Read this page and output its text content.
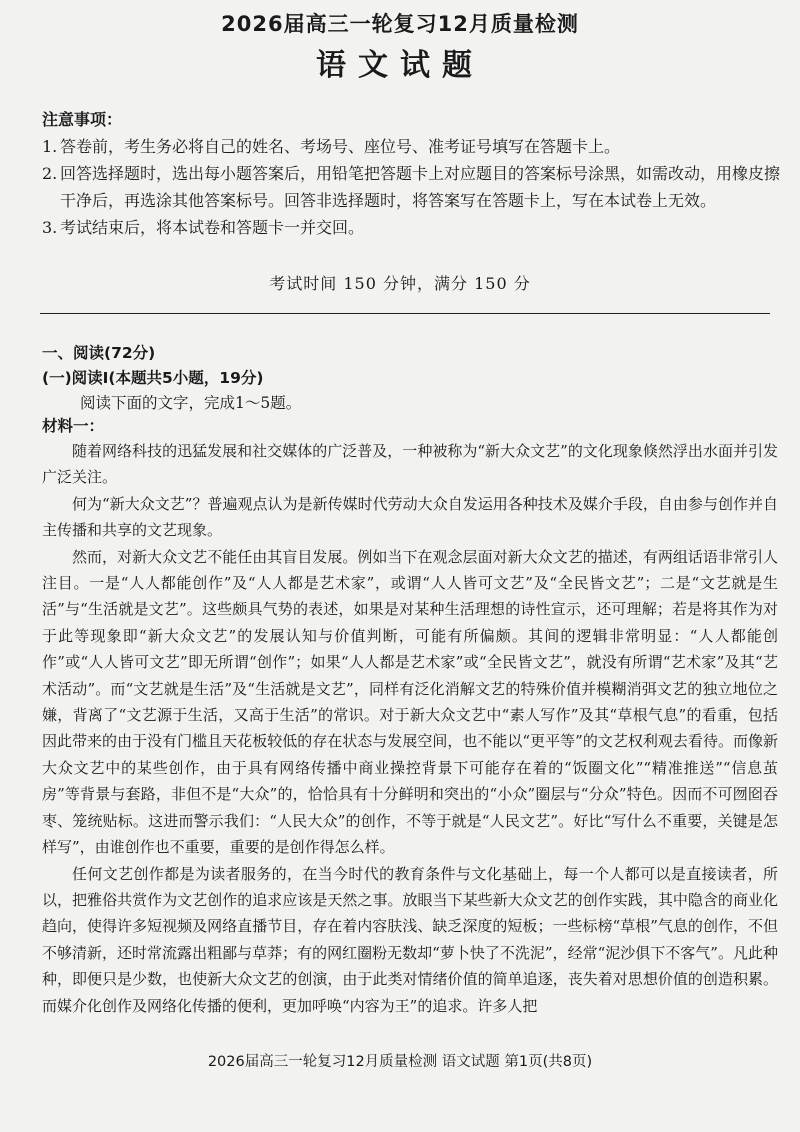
2026届高三一轮复习12月质量检测
语文试题
注意事项：
1. 答卷前，考生务必将自己的姓名、考场号、座位号、准考证号填写在答题卡上。
2. 回答选择题时，选出每小题答案后，用铅笔把答题卡上对应题目的答案标号涂黑，如需改动，用橡皮擦干净后，再选涂其他答案标号。回答非选择题时，将答案写在答题卡上，写在本试卷上无效。
3. 考试结束后，将本试卷和答题卡一并交回。
考试时间 150 分钟，满分 150 分
一、阅读(72分)
(一)阅读Ⅰ(本题共5小题，19分)
阅读下面的文字，完成1～5题。
材料一：

随着网络科技的迅猛发展和社交媒体的广泛普及，一种被称为“新大众文艺”的文化现象倏然浮出水面并引发广泛关注。

何为“新大众文艺”？普遍观点认为是新传媒时代劳动大众自发运用各种技术及媒介手段，自由参与创作并自主传播和共享的文艺现象。

然而，对新大众文艺不能任由其盲目发展。例如当下在观念层面对新大众文艺的描述，有两组话语非常引人注目。一是“人人都能创作”及“人人都是艺术家”，或谓“人人皆可文艺”及“全民皆文艺”；二是“文艺就是生活”与“生活就是文艺”。这些颇具气势的表述，如果是对某种生活理想的诗性宣示，还可理解；若是将其作为对于此等现象即“新大众文艺”的发展认知与价值判断，可能有所偏颇。其间的逻辑非常明显：“人人都能创作”或“人人皆可文艺”即无所谓“创作”；如果“人人都是艺术家”或“全民皆文艺”，就没有所谓“艺术家”及其“艺术活动”。而“文艺就是生活”及“生活就是文艺”，同样有泛化消解文艺的特殊价值并模糊消弭文艺的独立地位之嫌，背离了“文艺源于生活，又高于生活”的常识。对于新大众文艺中“素人写作”及其“草根气息”的看重，包括因此带来的由于没有门槛且天花板较低的存在状态与发展空间，也不能以“更平等”的文艺权利观去看待。而像新大众文艺中的某些创作，由于具有网络传播中商业操控背景下可能存在着的“饭圈文化”“精准推送”“信息茧房”等背景与套路，非但不是“大众”的，恰恰具有十分鲜明和突出的“小众”圈层与“分众”特色。因而不可囫囵吞枣、笼统贴标。这进而警示我们：“人民大众”的创作，不等于就是“人民文艺”。好比“写什么不重要，关键是怎样写”，由谁创作也不重要，重要的是创作得怎么样。

任何文艺创作都是为读者服务的，在当今时代的教育条件与文化基础上，每一个人都可以是直接读者，所以，把雅俗共赏作为文艺创作的追求应该是天然之事。放眼当下某些新大众文艺的创作实践，其中隐含的商业化趋向，使得许多短视频及网络直播节目，存在着内容肤浅、缺乏深度的短板；一些标榜“草根”气息的创作，不但不够清新，还时常流露出粗鄙与草莽；有的网红圈粉无数却“萝卜快了不洗泥”，经常“泥沙俱下不客气”。凡此种种，即便只是少数，也使新大众文艺的创演，由于此类对情绪价值的简单追逐，丧失着对思想价值的创造积累。而媒介化创作及网络化传播的便利，更加呼唤“内容为王”的追求。许多人把

2026届高三一轮复习12月质量检测 语文试题 第1页(共8页)
